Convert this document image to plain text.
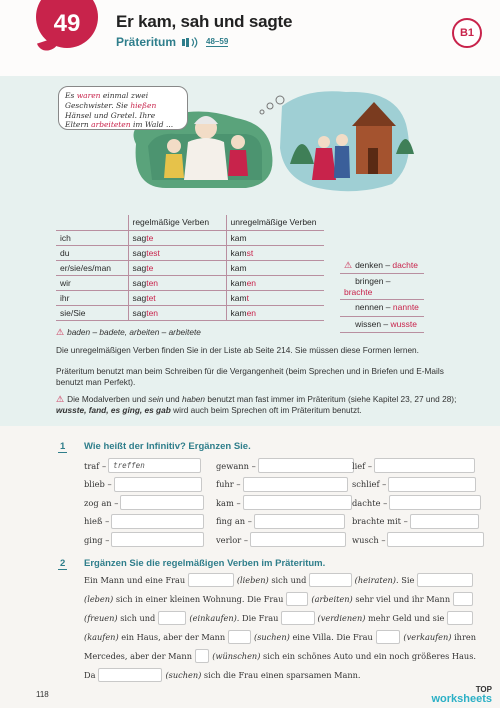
49 Er kam, sah und sagte
Präteritum	48–59
B1
Es waren einmal zwei Geschwister. Sie hießen Hänsel und Gretel. Ihre Eltern arbeiteten im Wald ...
	regelmäßige Verben	unregelmäßige Verben
ich	sagte	kam
du	sagtest	kamst
er/sie/es/man	sagte	kam
wir	sagten	kamen
ihr	sagtet	kamt
sie/Sie	sagten	kamen
⚠ denken – dachte
bringen – brachte
nennen – nannte
wissen – wusste
⚠ baden – badete, arbeiten – arbeitete
Die unregelmäßigen Verben finden Sie in der Liste ab Seite 214. Sie müssen diese Formen lernen.
Präteritum benutzt man beim Schreiben für die Vergangenheit (beim Sprechen und in Briefen und E-Mails benutzt man Perfekt).
⚠ Die Modalverben und sein und haben benutzt man fast immer im Präteritum (siehe Kapitel 23, 27 und 28);
wusste, fand, es ging, es gab wird auch beim Sprechen oft im Präteritum benutzt.
1 Wie heißt der Infinitiv? Ergänzen Sie.
traf – treffen	gewann –	lief –
blieb –	fuhr –	schlief –
zog an –	kam –	dachte –
hieß –	fing an –	brachte mit –
ging –	verlor –	wusch –
2 Ergänzen Sie die regelmäßigen Verben im Präteritum.
Ein Mann und eine Frau	(lieben)
sich und	(heiraten).
Sie
(leben)
sich in einer kleinen Wohnung. Die Frau	(arbeiten)
sehr viel und ihr Mann
(freuen)
sich und	(einkaufen).
Die Frau	(verdienen)
mehr Geld und sie
(kaufen)
ein Haus, aber der Mann	(suchen)
eine Villa. Die Frau	(verkaufen)
ihren
Mercedes, aber der Mann (wünschen)
sich ein schönes Auto und ein noch größeres Haus.
Da	(suchen)
sich die Frau einen sparsamen Mann.
118
TOP
worksheets
